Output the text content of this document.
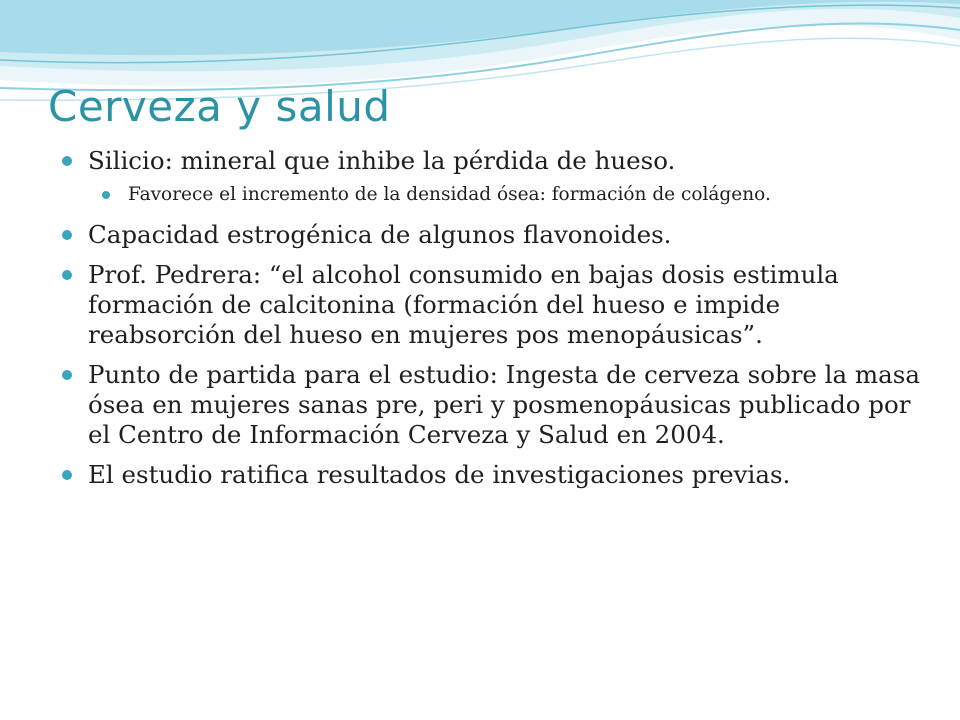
Cerveza y salud

Silicio: mineral que inhibe la pérdida de hueso.

Favorece el incremento de la densidad ósea: formación de colágeno.

Capacidad estrogénica de algunos flavonoides.

Prof. Pedrera: “el alcohol consumido en bajas dosis estimula formación de calcitonina (formación del hueso e impide reabsorción del hueso en mujeres pos menopáusicas”.

Punto de partida para el estudio: Ingesta de cerveza sobre la masa ósea en mujeres sanas pre, peri y posmenopáusicas publicado por el Centro de Información Cerveza y Salud en 2004.

El estudio ratifica resultados de investigaciones previas.
